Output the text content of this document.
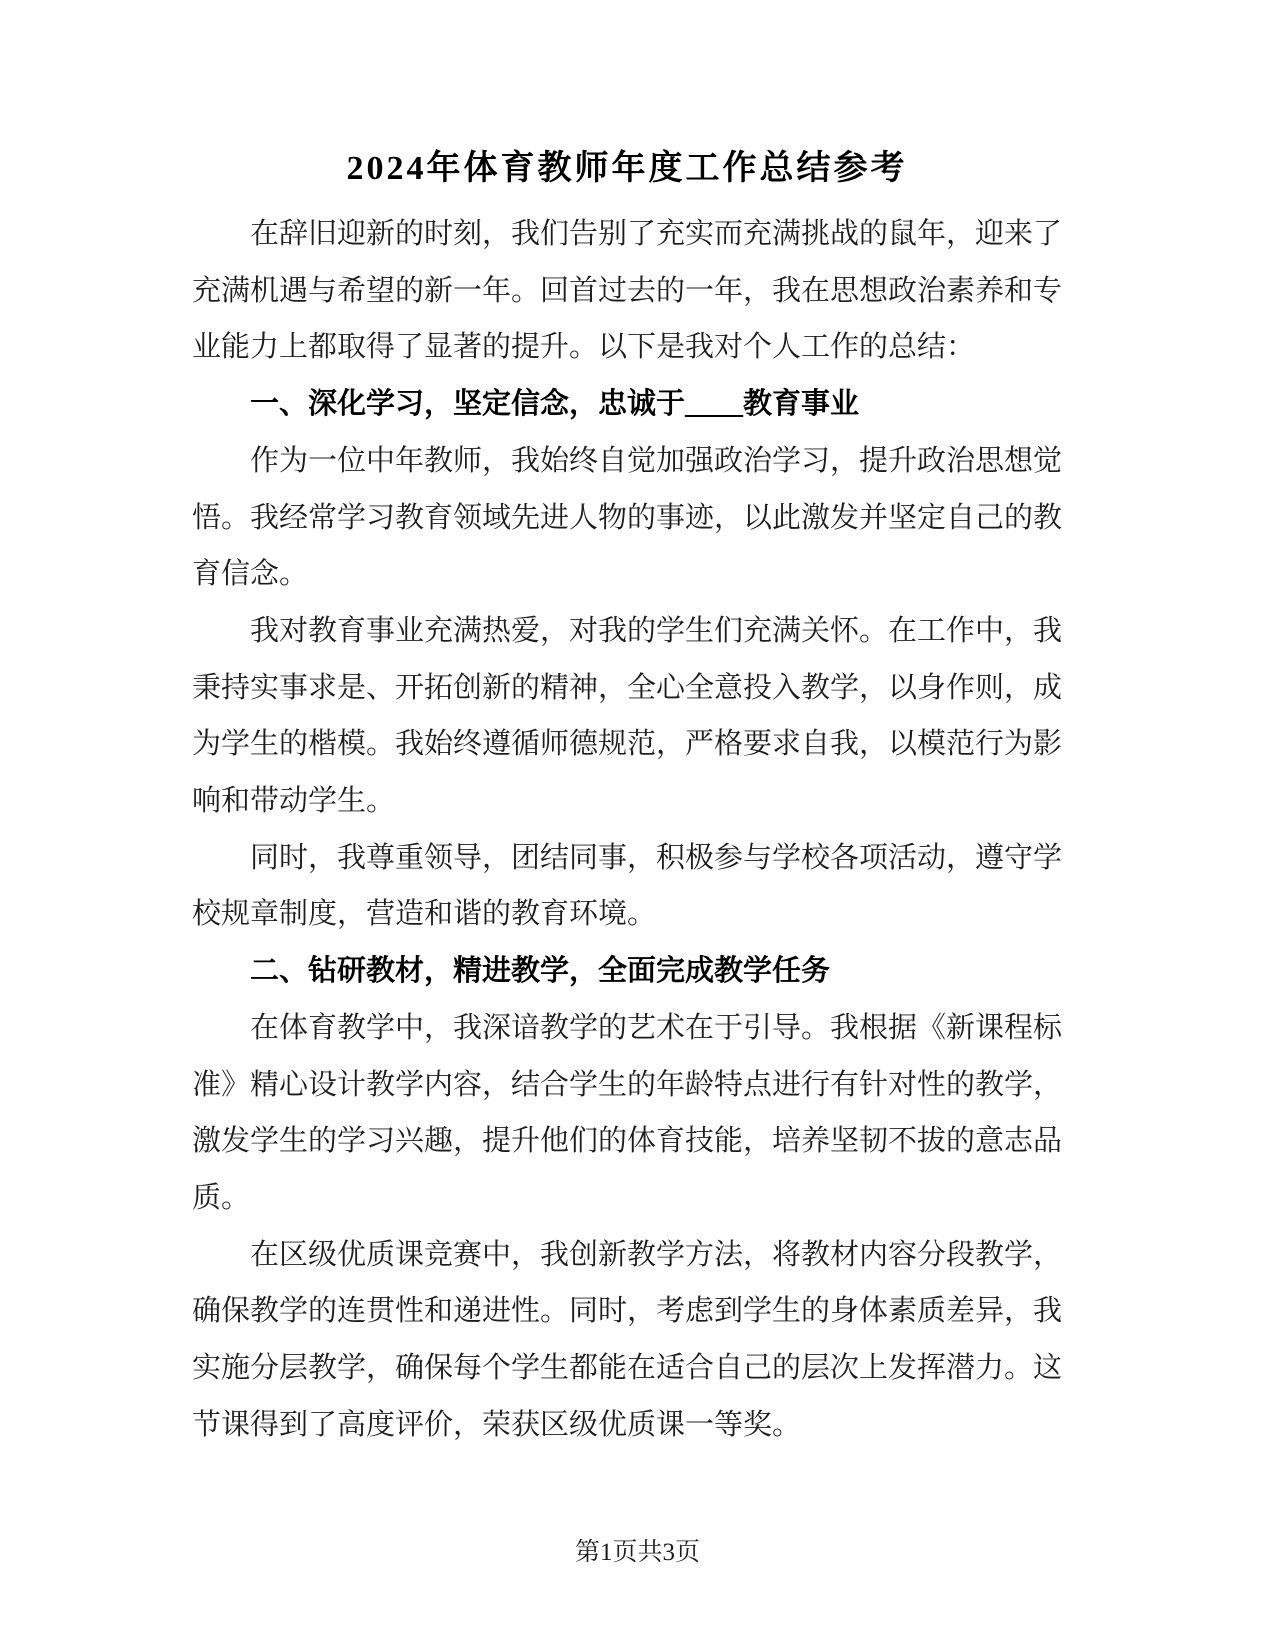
2024年体育教师年度工作总结参考

在辞旧迎新的时刻，我们告别了充实而充满挑战的鼠年，迎来了充满机遇与希望的新一年。回首过去的一年，我在思想政治素养和专业能力上都取得了显著的提升。以下是我对个人工作的总结：

一、深化学习，坚定信念，忠诚于____教育事业

作为一位中年教师，我始终自觉加强政治学习，提升政治思想觉悟。我经常学习教育领域先进人物的事迹，以此激发并坚定自己的教育信念。

我对教育事业充满热爱，对我的学生们充满关怀。在工作中，我秉持实事求是、开拓创新的精神，全心全意投入教学，以身作则，成为学生的楷模。我始终遵循师德规范，严格要求自我，以模范行为影响和带动学生。

同时，我尊重领导，团结同事，积极参与学校各项活动，遵守学校规章制度，营造和谐的教育环境。

二、钻研教材，精进教学，全面完成教学任务

在体育教学中，我深谙教学的艺术在于引导。我根据《新课程标准》精心设计教学内容，结合学生的年龄特点进行有针对性的教学，激发学生的学习兴趣，提升他们的体育技能，培养坚韧不拔的意志品质。

在区级优质课竞赛中，我创新教学方法，将教材内容分段教学，确保教学的连贯性和递进性。同时，考虑到学生的身体素质差异，我实施分层教学，确保每个学生都能在适合自己的层次上发挥潜力。这节课得到了高度评价，荣获区级优质课一等奖。

第1页共3页
